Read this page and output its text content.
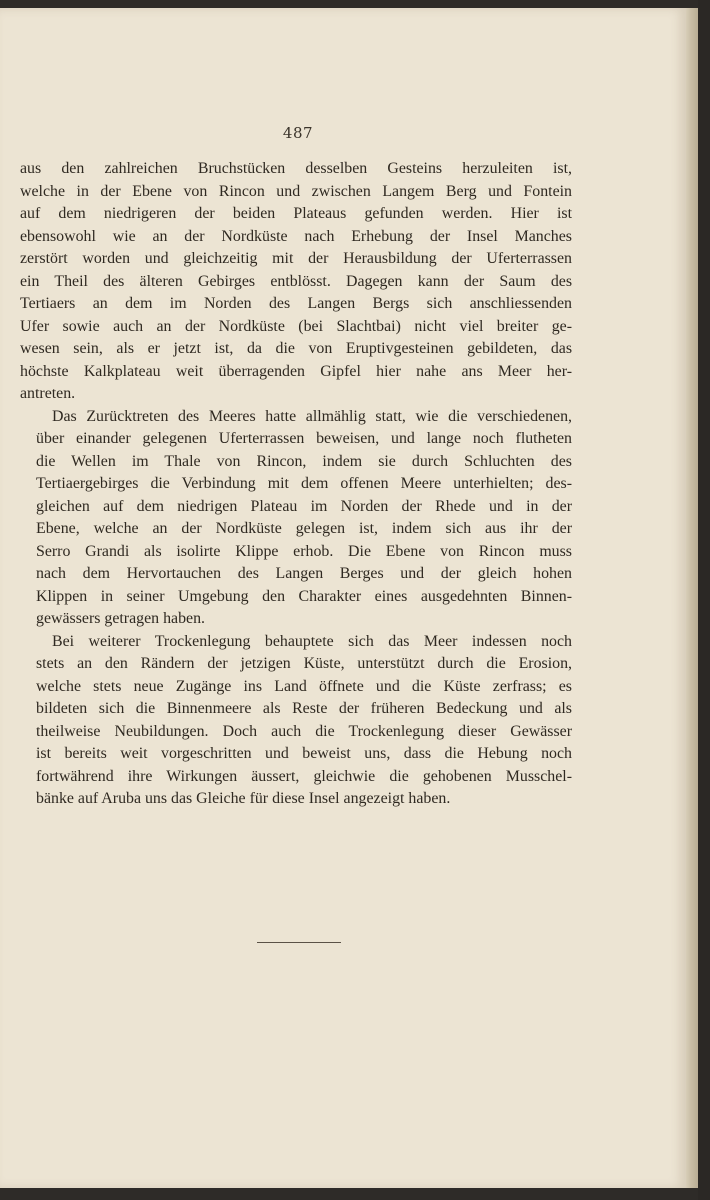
487
aus den zahlreichen Bruchstücken desselben Gesteins herzuleiten ist,
welche in der Ebene von Rincon und zwischen Langem Berg und Fontein
auf dem niedrigeren der beiden Plateaus gefunden werden. Hier ist
ebensowohl wie an der Nordküste nach Erhebung der Insel Manches
zerstört worden und gleichzeitig mit der Herausbildung der Uferterrassen
ein Theil des älteren Gebirges entblösst. Dagegen kann der Saum des
Tertiaers an dem im Norden des Langen Bergs sich anschliessenden
Ufer sowie auch an der Nordküste (bei Slachtbai) nicht viel breiter ge-
wesen sein, als er jetzt ist, da die von Eruptivgesteinen gebildeten, das
höchste Kalkplateau weit überragenden Gipfel hier nahe ans Meer her-
antreten.
Das Zurücktreten des Meeres hatte allmählig statt, wie die verschiedenen,
über einander gelegenen Uferterrassen beweisen, und lange noch flutheten
die Wellen im Thale von Rincon, indem sie durch Schluchten des
Tertiaergebirges die Verbindung mit dem offenen Meere unterhielten; des-
gleichen auf dem niedrigen Plateau im Norden der Rhede und in der
Ebene, welche an der Nordküste gelegen ist, indem sich aus ihr der
Serro Grandi als isolirte Klippe erhob. Die Ebene von Rincon muss
nach dem Hervortauchen des Langen Berges und der gleich hohen
Klippen in seiner Umgebung den Charakter eines ausgedehnten Binnen-
gewässers getragen haben.
Bei weiterer Trockenlegung behauptete sich das Meer indessen noch
stets an den Rändern der jetzigen Küste, unterstützt durch die Erosion,
welche stets neue Zugänge ins Land öffnete und die Küste zerfrass; es
bildeten sich die Binnenmeere als Reste der früheren Bedeckung und als
theilweise Neubildungen. Doch auch die Trockenlegung dieser Gewässer
ist bereits weit vorgeschritten und beweist uns, dass die Hebung noch
fortwährend ihre Wirkungen äussert, gleichwie die gehobenen Musschel-
bänke auf Aruba uns das Gleiche für diese Insel angezeigt haben.
